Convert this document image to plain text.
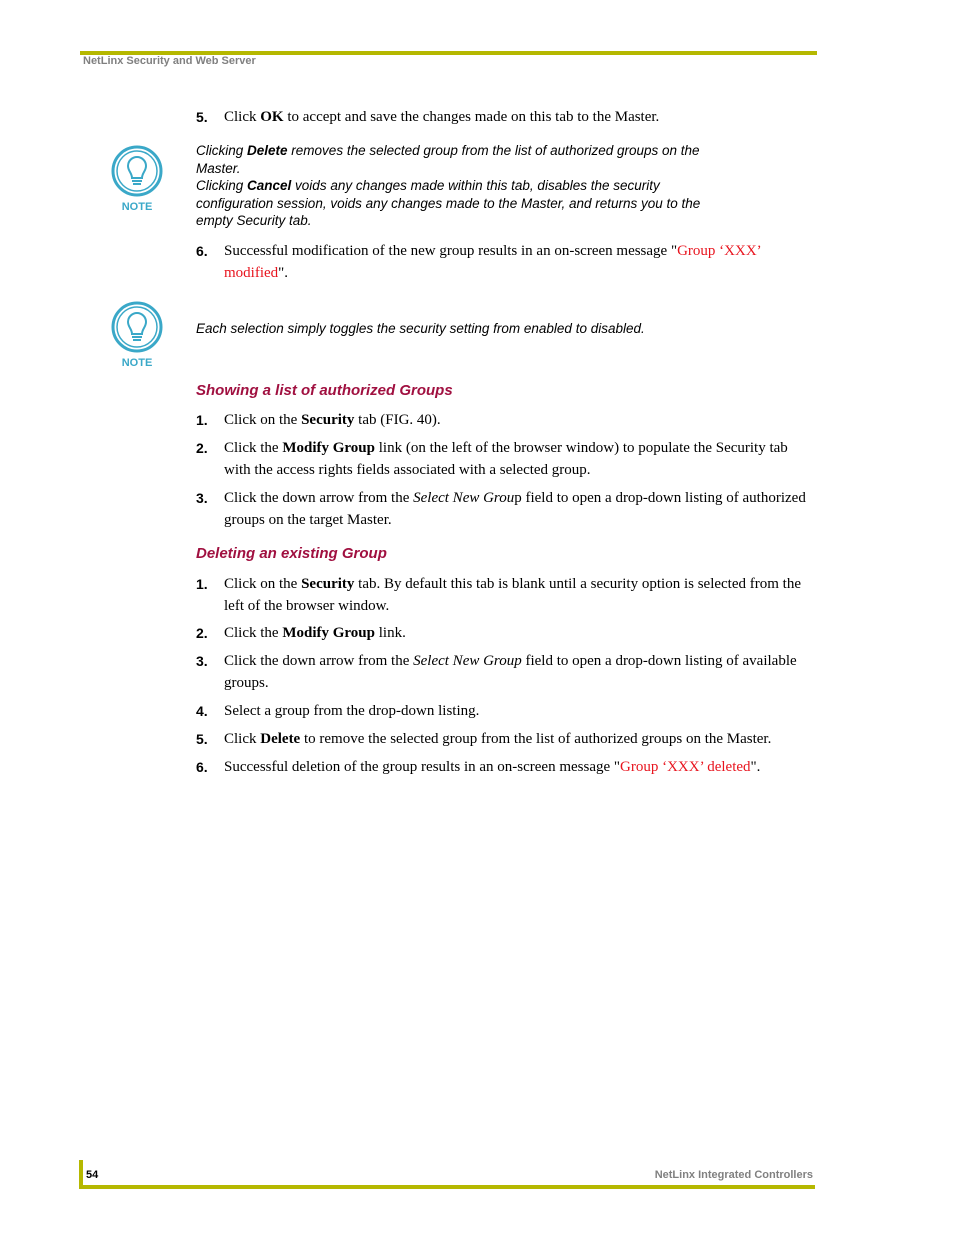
NetLinx Security and Web Server
5. Click OK to accept and save the changes made on this tab to the Master.
NOTE
Clicking Delete removes the selected group from the list of authorized groups on the Master.
Clicking Cancel voids any changes made within this tab, disables the security configuration session, voids any changes made to the Master, and returns you to the empty Security tab.
6. Successful modification of the new group results in an on-screen message "Group ‘XXX’ modified".
NOTE
Each selection simply toggles the security setting from enabled to disabled.
Showing a list of authorized Groups
1. Click on the Security tab (FIG. 40).
2. Click the Modify Group link (on the left of the browser window) to populate the Security tab with the access rights fields associated with a selected group.
3. Click the down arrow from the Select New Group field to open a drop-down listing of authorized groups on the target Master.
Deleting an existing Group
1. Click on the Security tab. By default this tab is blank until a security option is selected from the left of the browser window.
2. Click the Modify Group link.
3. Click the down arrow from the Select New Group field to open a drop-down listing of available groups.
4. Select a group from the drop-down listing.
5. Click Delete to remove the selected group from the list of authorized groups on the Master.
6. Successful deletion of the group results in an on-screen message "Group ‘XXX’ deleted".
54	NetLinx Integrated Controllers
